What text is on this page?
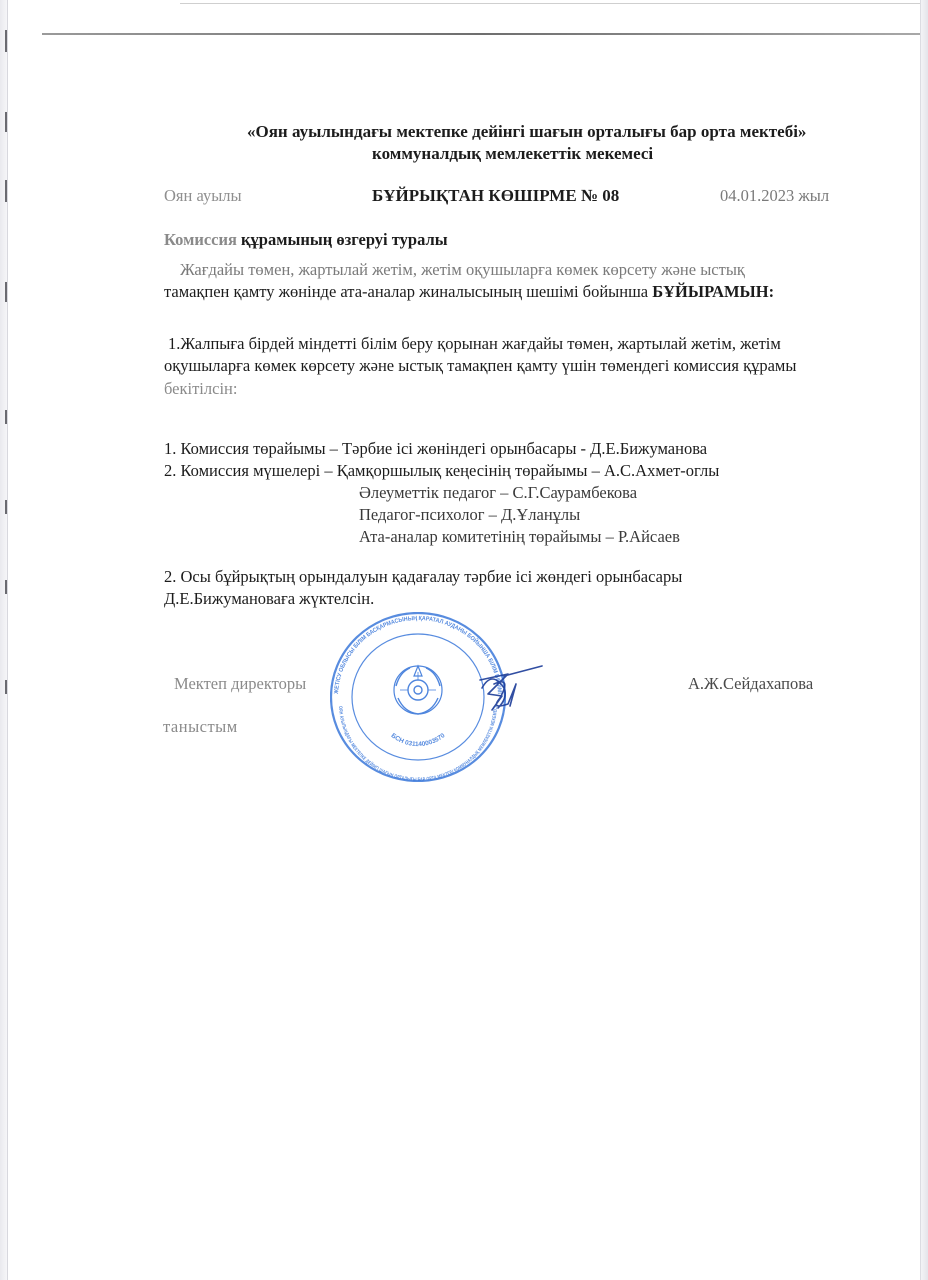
«Оян ауылындағы мектепке дейінгі шағын орталығы бар орта мектебі»
коммуналдық мемлекеттік мекемесі
Оян ауылы	БҰЙРЫҚТАН КӨШІРМЕ № 08	04.01.2023 жыл
Комиссия құрамының өзгеруі туралы
Жағдайы төмен, жартылай жетім, жетім оқушыларға көмек көрсету және ыстық
тамақпен қамту жөнінде ата-аналар жиналысының шешімі бойынша БҰЙЫРАМЫН:
1.Жалпыға бірдей міндетті білім беру қорынан жағдайы төмен, жартылай жетім, жетім
оқушыларға көмек көрсету және ыстық тамақпен қамту үшін төмендегі комиссия құрамы
бекітілсін:
1. Комиссия төрайымы – Тәрбие ісі жөніндегі орынбасары - Д.Е.Бижуманова
2. Комиссия мүшелері – Қамқоршылық кеңесінің төрайымы – А.С.Ахмет-оглы
Әлеуметтік педагог – С.Г.Саурамбекова
Педагог-психолог – Д.Ұланұлы
Ата-аналар комитетінің төрайымы – Р.Айсаев
2. Осы бұйрықтың орындалуын қадағалау тәрбие ісі жөндегі орынбасары
Д.Е.Бижумановаға жүктелсін.
ЖЕТІСУ ОБЛЫСЫ БІЛІМ БАСҚАРМАСЫНЫҢ ҚАРАТАЛ АУДАНЫ БОЙЫНША БІЛІМ БӨЛІМІ
ОЯН АУЫЛЫНДАҒЫ МЕКТЕПКЕ ДЕЙІНГІ ШАҒЫН ОРТАЛЫҒЫ БАР ОРТА МЕКТЕБІ КОММУНАЛДЫҚ МЕМЛЕКЕТТІК МЕКЕМЕСІ
БСН 031140003570
Мектеп директоры	А.Ж.Сейдахапова
таныстым
